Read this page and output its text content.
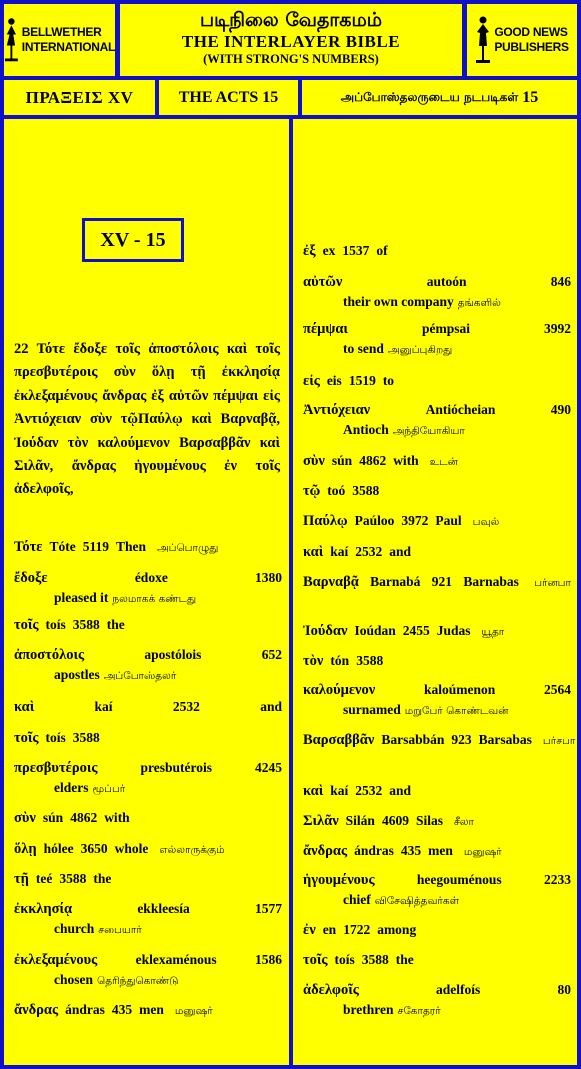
BELLWETHER
INTERNATIONAL
படிநிலை வேதாகமம்
THE INTERLAYER BIBLE
(WITH STRONG'S NUMBERS)
GOOD NEWS
PUBLISHERS
ΠΡΑΞΕΙΣ XV	THE ACTS 15	அப்போஸ்தலருடைய நடபடிகள் 15
XV - 15
22 Τότε ἔδοξε τοῖς ἀποστόλοις καὶ τοῖς πρεσβυτέροις σὺν ὅλῃ τῇ ἐκκλησίᾳ ἐκλεξαμένους ἄνδρας ἐξ αὐτῶν πέμψαι εἰς Ἀντιόχειαν σὺν τῷΠαύλῳ καὶ Βαρναβᾷ, Ἰούδαν τὸν καλούμενον Βαρσαββᾶν καὶ Σιλᾶν, ἄνδρας ἡγουμένους ἐν τοῖς ἀδελφοῖς,
Τότε Tóte 5119 Then அப்பொழுது
ἔδοξε	édoxe	1380
pleased it நலமாகக் கண்டது
τοῖς toís 3588 the
ἀποστόλοις	apostólois	652
apostles அப்போஸ்தலர்
καὶ	kaí	2532	and
τοῖς toís 3588
πρεσβυτέροις	presbutérois	4245
elders மூப்பர்
σὺν sún 4862 with
ὅλῃ hólee 3650 whole எல்லாருக்கும்
τῇ teé 3588 the
ἐκκλησίᾳ	ekkleesía	1577
church சபையார்
ἐκλεξαμένους	eklexaménous	1586
chosen தெரிந்துகொண்டு
ἄνδρας ándras 435 men மனுஷர்
ἐξ ex 1537 of
αὐτῶν	autoón	846
their own company தங்களில்
πέμψαι	pémpsai	3992
to send அனுப்புகிறது
εἰς eis 1519 to
Ἀντιόχειαν	Antiócheian	490
Antioch அந்தியோகியா
σὺν sún 4862 with உடன்
τῷ toó 3588
Παύλῳ Paúloo 3972 Paul பவுல்
καὶ kaí 2532 and
Βαρναβᾷ Barnabá 921 Barnabas பர்னபா
Ἰούδαν Ioúdan 2455 Judas யூதா
τὸν tón 3588
καλούμενον	kaloúmenon	2564
surnamed மறுபேர் கொண்டவன்
Βαρσαββᾶν Barsabbán 923 Barsabas பர்சபா
καὶ kaí 2532 and
Σιλᾶν Silán 4609 Silas சீலா
ἄνδρας ándras 435 men மனுஷர்
ἡγουμένους	heegouménous	2233
chief விசேஷித்தவர்கள்
ἐν en 1722 among
τοῖς toís 3588 the
ἀδελφοῖς	adelfoís	80
brethren சகோதரர்
